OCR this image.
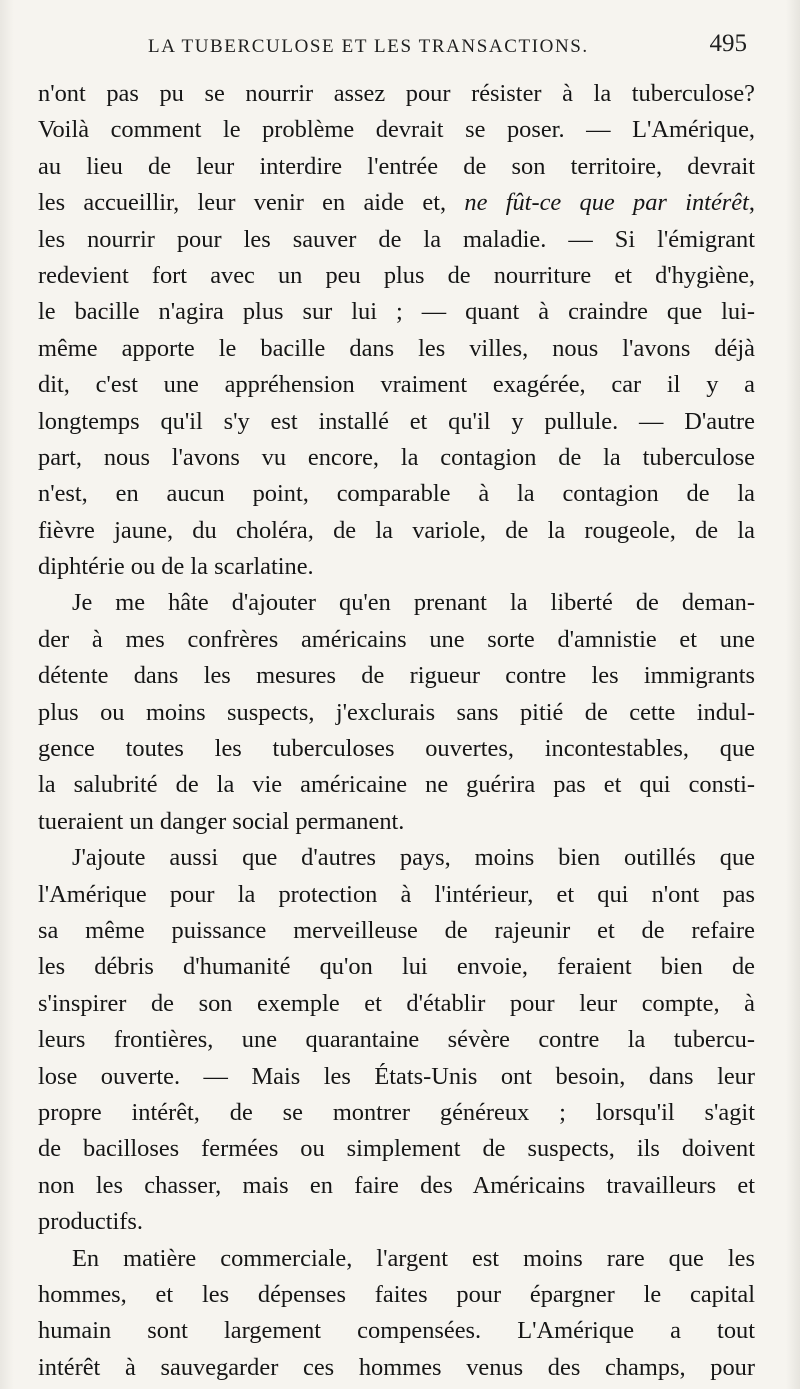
LA TUBERCULOSE ET LES TRANSACTIONS.	495
n'ont pas pu se nourrir assez pour résister à la tuberculose?
Voilà comment le problème devrait se poser. — L'Amérique,
au lieu de leur interdire l'entrée de son territoire, devrait
les accueillir, leur venir en aide et, ne fût-ce que par intérêt,
les nourrir pour les sauver de la maladie. — Si l'émigrant
redevient fort avec un peu plus de nourriture et d'hygiène,
le bacille n'agira plus sur lui ; — quant à craindre que lui-
même apporte le bacille dans les villes, nous l'avons déjà
dit, c'est une appréhension vraiment exagérée, car il y a
longtemps qu'il s'y est installé et qu'il y pullule. — D'autre
part, nous l'avons vu encore, la contagion de la tuberculose
n'est, en aucun point, comparable à la contagion de la
fièvre jaune, du choléra, de la variole, de la rougeole, de la
diphtérie ou de la scarlatine.
Je me hâte d'ajouter qu'en prenant la liberté de deman-
der à mes confrères américains une sorte d'amnistie et une
détente dans les mesures de rigueur contre les immigrants
plus ou moins suspects, j'exclurais sans pitié de cette indul-
gence toutes les tuberculoses ouvertes, incontestables, que
la salubrité de la vie américaine ne guérira pas et qui consti-
tueraient un danger social permanent.
J'ajoute aussi que d'autres pays, moins bien outillés que
l'Amérique pour la protection à l'intérieur, et qui n'ont pas
sa même puissance merveilleuse de rajeunir et de refaire
les débris d'humanité qu'on lui envoie, feraient bien de
s'inspirer de son exemple et d'établir pour leur compte, à
leurs frontières, une quarantaine sévère contre la tubercu-
lose ouverte. — Mais les États-Unis ont besoin, dans leur
propre intérêt, de se montrer généreux ; lorsqu'il s'agit
de bacilloses fermées ou simplement de suspects, ils doivent
non les chasser, mais en faire des Américains travailleurs et
productifs.
En matière commerciale, l'argent est moins rare que les
hommes, et les dépenses faites pour épargner le capital
humain sont largement compensées. L'Amérique a tout
intérêt à sauvegarder ces hommes venus des champs, pour
